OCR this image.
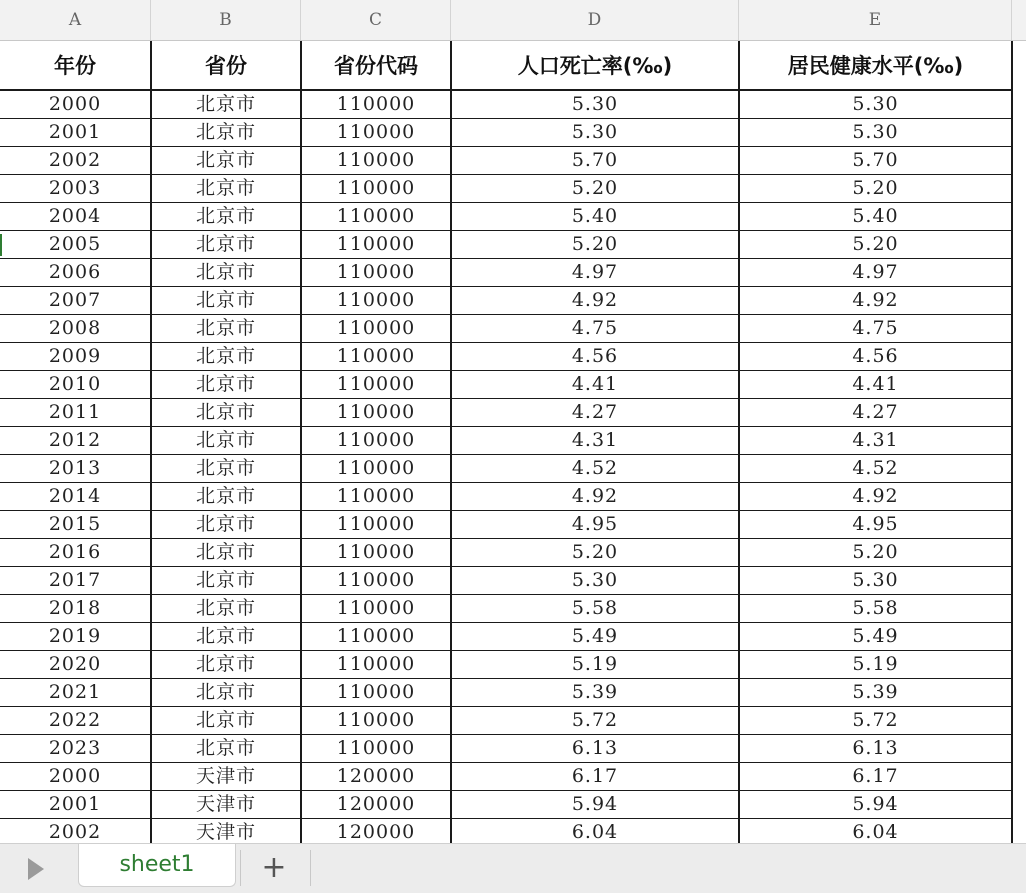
A	B	C	D	E
年份	省份	省份代码	人口死亡率(‰)	居民健康水平(‰)
2000	北京市	110000	5.30	5.30
2001	北京市	110000	5.30	5.30
2002	北京市	110000	5.70	5.70
2003	北京市	110000	5.20	5.20
2004	北京市	110000	5.40	5.40
2005	北京市	110000	5.20	5.20
2006	北京市	110000	4.97	4.97
2007	北京市	110000	4.92	4.92
2008	北京市	110000	4.75	4.75
2009	北京市	110000	4.56	4.56
2010	北京市	110000	4.41	4.41
2011	北京市	110000	4.27	4.27
2012	北京市	110000	4.31	4.31
2013	北京市	110000	4.52	4.52
2014	北京市	110000	4.92	4.92
2015	北京市	110000	4.95	4.95
2016	北京市	110000	5.20	5.20
2017	北京市	110000	5.30	5.30
2018	北京市	110000	5.58	5.58
2019	北京市	110000	5.49	5.49
2020	北京市	110000	5.19	5.19
2021	北京市	110000	5.39	5.39
2022	北京市	110000	5.72	5.72
2023	北京市	110000	6.13	6.13
2000	天津市	120000	6.17	6.17
2001	天津市	120000	5.94	5.94
2002	天津市	120000	6.04	6.04
sheet1	+
